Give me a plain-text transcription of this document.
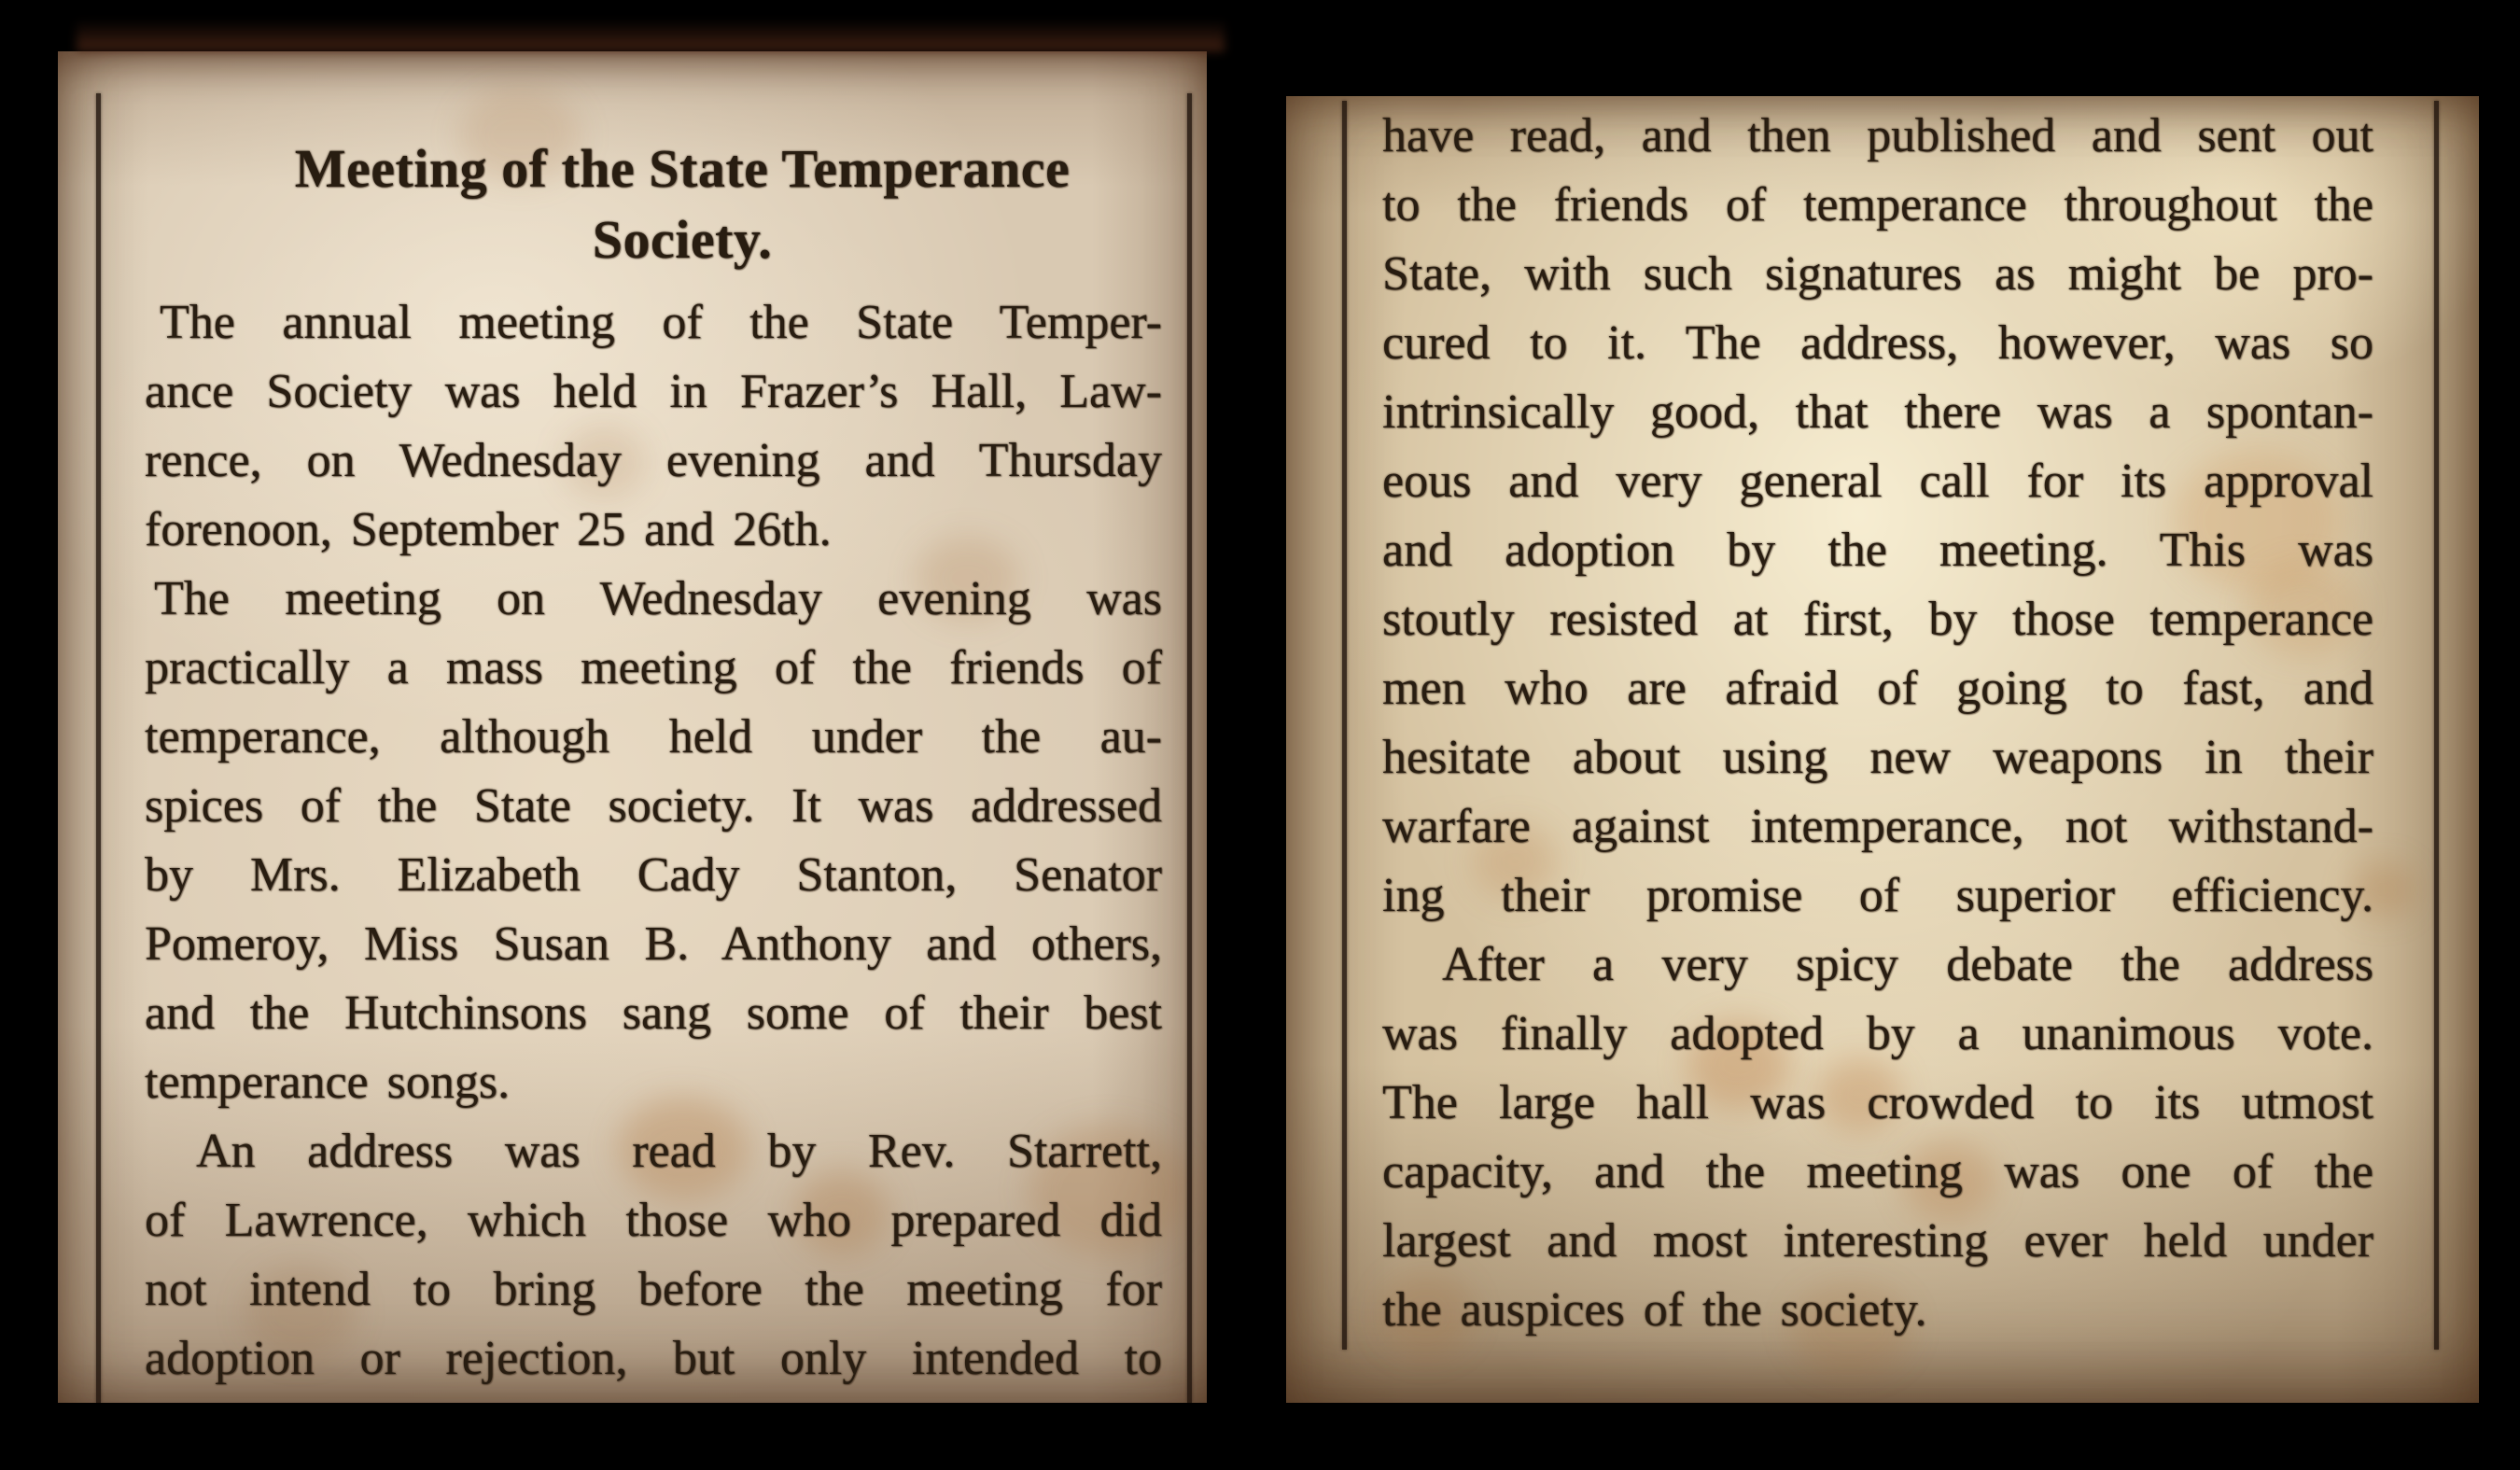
Meeting of the State Temperance
Society.
The annual meeting of the State Temper-
ance Society was held in Frazer’s Hall, Law-
rence, on Wednesday evening and Thursday
forenoon, September 25 and 26th.
The meeting on Wednesday evening was
practically a mass meeting of the friends of
temperance, although held under the au-
spices of the State society. It was addressed
by Mrs. Elizabeth Cady Stanton, Senator
Pomeroy, Miss Susan B. Anthony and others,
and the Hutchinsons sang some of their best
temperance songs.
An address was read by Rev. Starrett,
of Lawrence, which those who prepared did
not intend to bring before the meeting for
adoption or rejection, but only intended to
have read, and then published and sent out
to the friends of temperance throughout the
State, with such signatures as might be pro-
cured to it. The address, however, was so
intrinsically good, that there was a spontan-
eous and very general call for its approval
and adoption by the meeting. This was
stoutly resisted at first, by those temperance
men who are afraid of going to fast, and
hesitate about using new weapons in their
warfare against intemperance, not withstand-
ing their promise of superior efficiency.
After a very spicy debate the address
was finally adopted by a unanimous vote.
The large hall was crowded to its utmost
capacity, and the meeting was one of the
largest and most interesting ever held under
the auspices of the society.
